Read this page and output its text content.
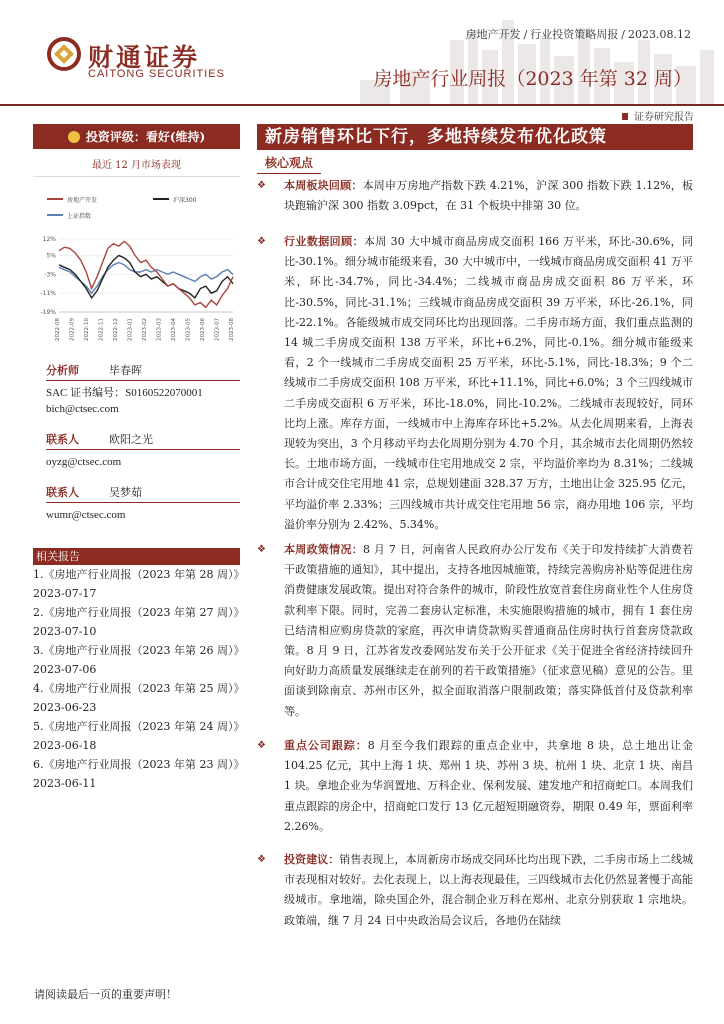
财通证券
CAITONG SECURITIES
房地产开发 / 行业投资策略周报 / 2023.08.12
房地产行业周报（2023 年第 32 周）
证券研究报告
投资评级：看好(维持)
最近 12 月市场表现
房地产开发	沪深300
上证指数
12%
5%
-3%
-11%
-19%
2022-08 2022-09 2022-10 2022-11 2022-12 2023-01 2023-02 2023-03 2023-04 2023-05 2023-06 2023-07 2023-08
分析师	毕春晖
SAC 证书编号：S0160522070001
bich@ctsec.com
联系人	欧阳之光
oyzg@ctsec.com
联系人	吴梦茹
wumr@ctsec.com
相关报告
1.《房地产行业周报（2023 年第 28 周）》
2023-07-17
2.《房地产行业周报（2023 年第 27 周）》
2023-07-10
3.《房地产行业周报（2023 年第 26 周）》
2023-07-06
4.《房地产行业周报（2023 年第 25 周）》
2023-06-23
5.《房地产行业周报（2023 年第 24 周）》
2023-06-18
6.《房地产行业周报（2023 年第 23 周）》
2023-06-11
新房销售环比下行，多地持续发布优化政策
核心观点
❖	本周板块回顾：本周申万房地产指数下跌 4.21%，沪深 300 指数下跌 1.12%，板块跑输沪深 300 指数 3.09pct，在 31 个板块中排第 30 位。
❖	行业数据回顾：本周 30 大中城市商品房成交面积 166 万平米，环比-30.6%，同比-30.1%。细分城市能级来看，30 大中城市中，一线城市商品房成交面积 41 万平米，环比-34.7%，同比-34.4%；二线城市商品房成交面积 86 万平米，环比-30.5%，同比-31.1%；三线城市商品房成交面积 39 万平米，环比-26.1%，同比-22.1%。各能级城市成交同环比均出现回落。二手房市场方面，我们重点监测的 14 城二手房成交面积 138 万平米，环比+6.2%，同比-0.1%。细分城市能级来看，2 个一线城市二手房成交面积 25 万平米，环比-5.1%，同比-18.3%；9 个二线城市二手房成交面积 108 万平米，环比+11.1%，同比+6.0%；3 个三四线城市二手房成交面积 6 万平米，环比-18.0%，同比-10.2%。二线城市表现较好，同环比均上涨。库存方面，一线城市中上海库存环比+5.2%。从去化周期来看，上海表现较为突出，3 个月移动平均去化周期分别为 4.70 个月，其余城市去化周期仍然较长。土地市场方面，一线城市住宅用地成交 2 宗，平均溢价率均为 8.31%；二线城市合计成交住宅用地 41 宗，总规划建面 328.37 万方，土地出让金 325.95 亿元，平均溢价率 2.33%；三四线城市共计成交住宅用地 56 宗，商办用地 106 宗，平均溢价率分别为 2.42%、5.34%。
❖	本周政策情况：8 月 7 日，河南省人民政府办公厅发布《关于印发持续扩大消费若干政策措施的通知》，其中提出，支持各地因城施策，持续完善购房补贴等促进住房消费健康发展政策。提出对符合条件的城市，阶段性放宽首套住房商业性个人住房贷款利率下限。同时，完善二套房认定标准，未实施限购措施的城市，拥有 1 套住房已结清相应购房贷款的家庭，再次申请贷款购买普通商品住房时执行首套房贷款政策。8 月 9 日，江苏省发改委网站发布关于公开征求《关于促进全省经济持续回升向好助力高质量发展继续走在前列的若干政策措施》（征求意见稿）意见的公告。里面谈到除南京、苏州市区外，拟全面取消落户限制政策；落实降低首付及贷款利率等。
❖	重点公司跟踪：8 月至今我们跟踪的重点企业中，共拿地 8 块，总土地出让金 104.25 亿元，其中上海 1 块、郑州 1 块、苏州 3 块、杭州 1 块、北京 1 块、南昌 1 块。拿地企业为华润置地、万科企业、保利发展、建发地产和招商蛇口。本周我们重点跟踪的房企中，招商蛇口发行 13 亿元超短期融资券，期限 0.49 年，票面利率 2.26%。
❖	投资建议：销售表现上，本周新房市场成交同环比均出现下跌，二手房市场上二线城市表现相对较好。去化表现上，以上海表现最佳，三四线城市去化仍然显著慢于高能级城市。拿地端，除央国企外，混合制企业万科在郑州、北京分别获取 1 宗地块。政策端，继 7 月 24 日中央政治局会议后，各地仍在陆续
请阅读最后一页的重要声明！
